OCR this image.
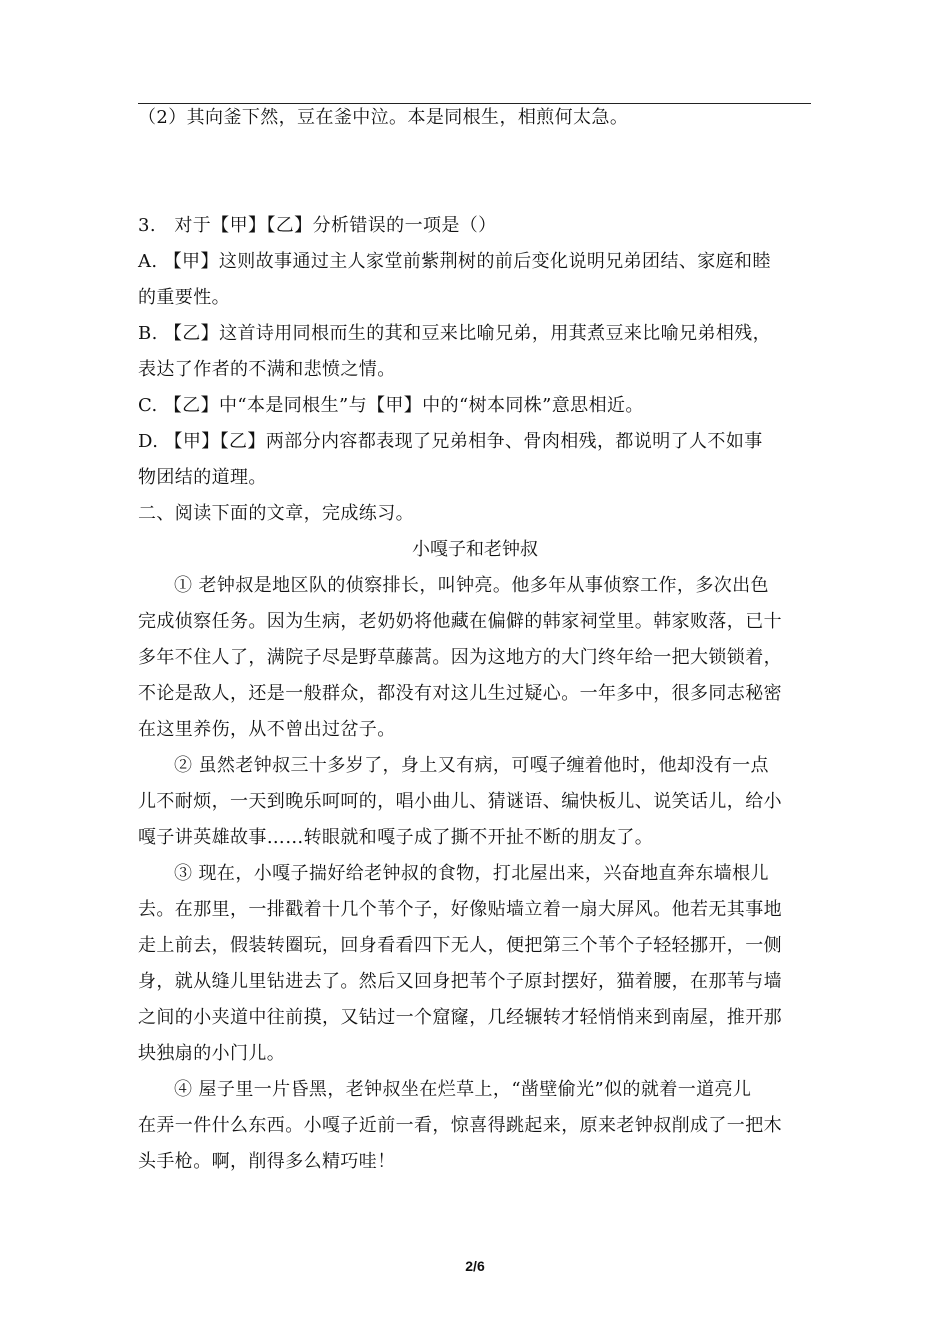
（2）其向釜下然，豆在釜中泣。本是同根生，相煎何太急。
3.　对于【甲】【乙】分析错误的一项是（）
A. 【甲】这则故事通过主人家堂前紫荆树的前后变化说明兄弟团结、家庭和睦
的重要性。
B. 【乙】这首诗用同根而生的萁和豆来比喻兄弟，用萁煮豆来比喻兄弟相残，
表达了作者的不满和悲愤之情。
C. 【乙】中“本是同根生”与【甲】中的“树本同株”意思相近。
D. 【甲】【乙】两部分内容都表现了兄弟相争、骨肉相残，都说明了人不如事
物团结的道理。
二、阅读下面的文章，完成练习。
小嘎子和老钟叔
① 老钟叔是地区队的侦察排长，叫钟亮。他多年从事侦察工作，多次出色
完成侦察任务。因为生病，老奶奶将他藏在偏僻的韩家祠堂里。韩家败落，已十
多年不住人了，满院子尽是野草藤蒿。因为这地方的大门终年给一把大锁锁着，
不论是敌人，还是一般群众，都没有对这儿生过疑心。一年多中，很多同志秘密
在这里养伤，从不曾出过岔子。
② 虽然老钟叔三十多岁了，身上又有病，可嘎子缠着他时，他却没有一点
儿不耐烦，一天到晚乐呵呵的，唱小曲儿、猜谜语、编快板儿、说笑话儿，给小
嘎子讲英雄故事……转眼就和嘎子成了撕不开扯不断的朋友了。
③ 现在，小嘎子揣好给老钟叔的食物，打北屋出来，兴奋地直奔东墙根儿
去。在那里，一排戳着十几个苇个子，好像贴墙立着一扇大屏风。他若无其事地
走上前去，假装转圈玩，回身看看四下无人，便把第三个苇个子轻轻挪开，一侧
身，就从缝儿里钻进去了。然后又回身把苇个子原封摆好，猫着腰，在那苇与墙
之间的小夹道中往前摸，又钻过一个窟窿，几经辗转才轻悄悄来到南屋，推开那
块独扇的小门儿。
④ 屋子里一片昏黑，老钟叔坐在烂草上，“凿壁偷光”似的就着一道亮儿
在弄一件什么东西。小嘎子近前一看，惊喜得跳起来，原来老钟叔削成了一把木
头手枪。啊，削得多么精巧哇！
2/6
